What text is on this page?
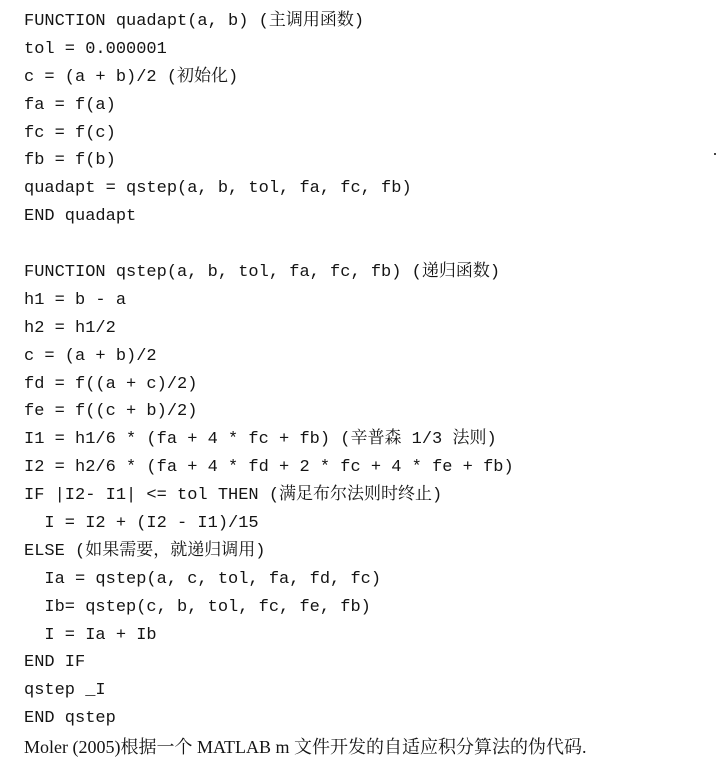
FUNCTION quadapt(a, b) (主调用函数)
tol = 0.000001
c = (a + b)/2 (初始化)
fa = f(a)
fc = f(c)
fb = f(b)
quadapt = qstep(a, b, tol, fa, fc, fb)
END quadapt
FUNCTION qstep(a, b, tol, fa, fc, fb) (递归函数)
h1 = b - a
h2 = h1/2
c = (a + b)/2
fd = f((a + c)/2)
fe = f((c + b)/2)
I1 = h1/6 * (fa + 4 * fc + fb) (辛普森 1/3 法则)
I2 = h2/6 * (fa + 4 * fd + 2 * fc + 4 * fe + fb)
IF |I2- I1| <= tol THEN (满足布尔法则时终止)
I = I2 + (I2 - I1)/15
ELSE (如果需要，就递归调用)
Ia = qstep(a, c, tol, fa, fd, fc)
Ib= qstep(c, b, tol, fc, fe, fb)
I = Ia + Ib
END IF
qstep _I
END qstep
Moler (2005)根据一个 MATLAB m 文件开发的自适应积分算法的伪代码.
